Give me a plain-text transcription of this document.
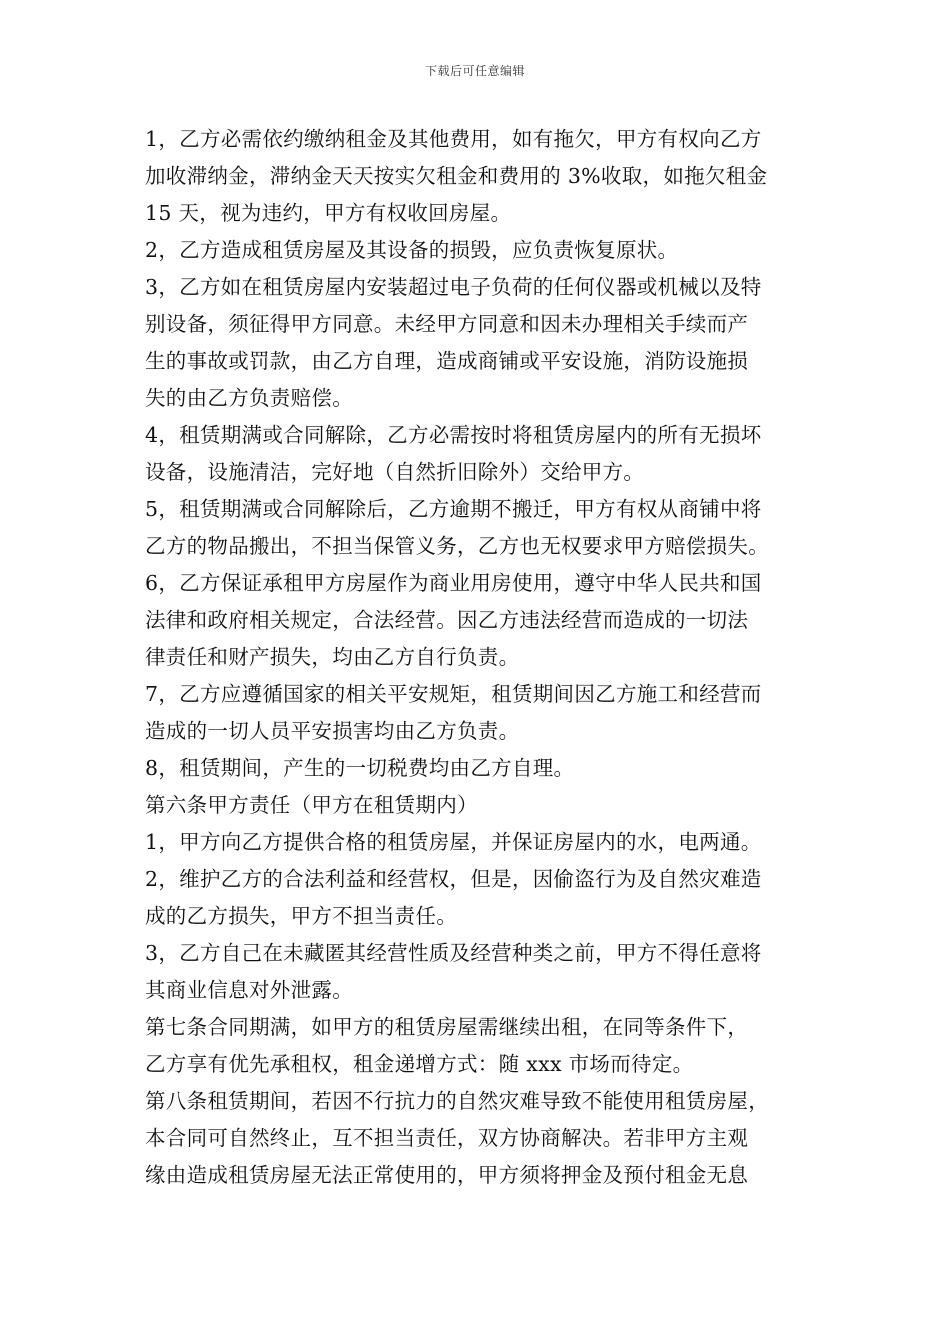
下载后可任意编辑
1，乙方必需依约缴纳租金及其他费用，如有拖欠，甲方有权向乙方
加收滞纳金，滞纳金天天按实欠租金和费用的 3%收取，如拖欠租金
15 天，视为违约，甲方有权收回房屋。
2，乙方造成租赁房屋及其设备的损毁，应负责恢复原状。
3，乙方如在租赁房屋内安装超过电子负荷的任何仪器或机械以及特
别设备，须征得甲方同意。未经甲方同意和因未办理相关手续而产
生的事故或罚款，由乙方自理，造成商铺或平安设施，消防设施损
失的由乙方负责赔偿。
4，租赁期满或合同解除，乙方必需按时将租赁房屋内的所有无损坏
设备，设施清洁，完好地（自然折旧除外）交给甲方。
5，租赁期满或合同解除后，乙方逾期不搬迁，甲方有权从商铺中将
乙方的物品搬出，不担当保管义务，乙方也无权要求甲方赔偿损失。
6，乙方保证承租甲方房屋作为商业用房使用，遵守中华人民共和国
法律和政府相关规定，合法经营。因乙方违法经营而造成的一切法
律责任和财产损失，均由乙方自行负责。
7，乙方应遵循国家的相关平安规矩，租赁期间因乙方施工和经营而
造成的一切人员平安损害均由乙方负责。
8，租赁期间，产生的一切税费均由乙方自理。
第六条甲方责任（甲方在租赁期内）
1，甲方向乙方提供合格的租赁房屋，并保证房屋内的水，电两通。
2，维护乙方的合法利益和经营权，但是，因偷盗行为及自然灾难造
成的乙方损失，甲方不担当责任。
3，乙方自己在未藏匿其经营性质及经营种类之前，甲方不得任意将
其商业信息对外泄露。
第七条合同期满，如甲方的租赁房屋需继续出租，在同等条件下，
乙方享有优先承租权，租金递增方式：随 xxx 市场而待定。
第八条租赁期间，若因不行抗力的自然灾难导致不能使用租赁房屋，
本合同可自然终止，互不担当责任，双方协商解决。若非甲方主观
缘由造成租赁房屋无法正常使用的，甲方须将押金及预付租金无息
